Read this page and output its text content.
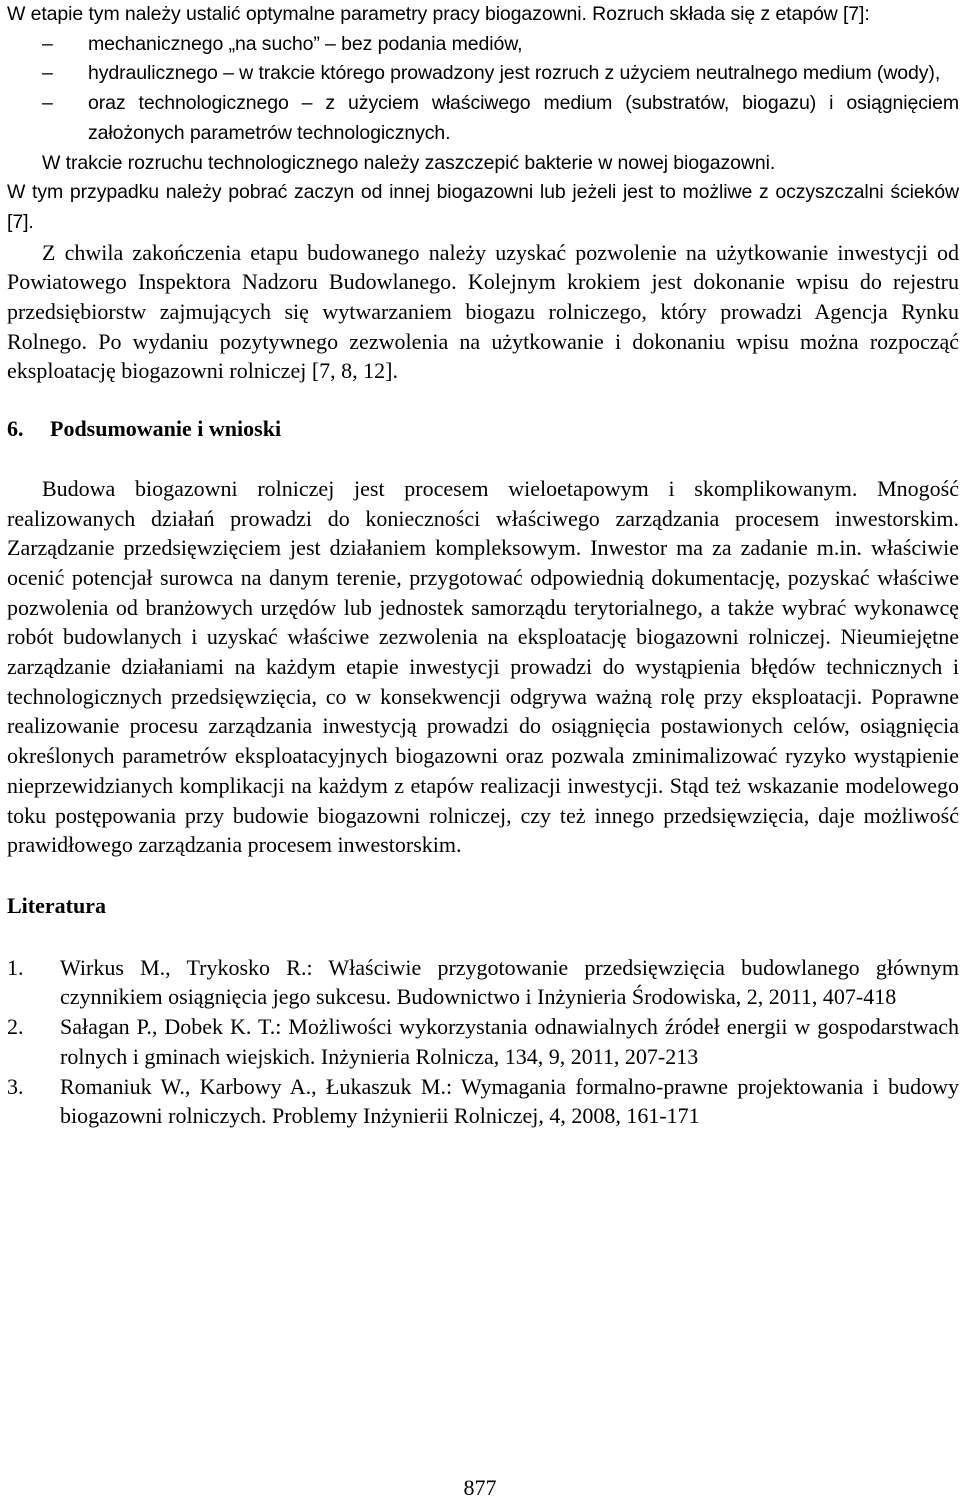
W etapie tym należy ustalić optymalne parametry pracy biogazowni. Rozruch składa się z etapów [7]:

– mechanicznego „na sucho” – bez podania mediów,
– hydraulicznego – w trakcie którego prowadzony jest rozruch z użyciem neutralnego medium (wody),
– oraz technologicznego – z użyciem właściwego medium (substratów, biogazu) i osiągnięciem założonych parametrów technologicznych.

W trakcie rozruchu technologicznego należy zaszczepić bakterie w nowej biogazowni.

W tym przypadku należy pobrać zaczyn od innej biogazowni lub jeżeli jest to możliwe z oczyszczalni ścieków [7].

Z chwila zakończenia etapu budowanego należy uzyskać pozwolenie na użytkowanie inwestycji od Powiatowego Inspektora Nadzoru Budowlanego. Kolejnym krokiem jest dokonanie wpisu do rejestru przedsiębiorstw zajmujących się wytwarzaniem biogazu rolniczego, który prowadzi Agencja Rynku Rolnego. Po wydaniu pozytywnego zezwolenia na użytkowanie i dokonaniu wpisu można rozpocząć eksploatację biogazowni rolniczej [7, 8, 12].

6. Podsumowanie i wnioski

Budowa biogazowni rolniczej jest procesem wieloetapowym i skomplikowanym. Mnogość realizowanych działań prowadzi do konieczności właściwego zarządzania procesem inwestorskim. Zarządzanie przedsięwzięciem jest działaniem kompleksowym. Inwestor ma za zadanie m.in. właściwie ocenić potencjał surowca na danym terenie, przygotować odpowiednią dokumentację, pozyskać właściwe pozwolenia od branżowych urzędów lub jednostek samorządu terytorialnego, a także wybrać wykonawcę robót budowlanych i uzyskać właściwe zezwolenia na eksploatację biogazowni rolniczej. Nieumiejętne zarządzanie działaniami na każdym etapie inwestycji prowadzi do wystąpienia błędów technicznych i technologicznych przedsięwzięcia, co w konsekwencji odgrywa ważną rolę przy eksploatacji. Poprawne realizowanie procesu zarządzania inwestycją prowadzi do osiągnięcia postawionych celów, osiągnięcia określonych parametrów eksploatacyjnych biogazowni oraz pozwala zminimalizować ryzyko wystąpienie nieprzewidzianych komplikacji na każdym z etapów realizacji inwestycji. Stąd też wskazanie modelowego toku postępowania przy budowie biogazowni rolniczej, czy też innego przedsięwzięcia, daje możliwość prawidłowego zarządzania procesem inwestorskim.

Literatura
1. Wirkus M., Trykosko R.: Właściwie przygotowanie przedsięwzięcia budowlanego głównym czynnikiem osiągnięcia jego sukcesu. Budownictwo i Inżynieria Środowiska, 2, 2011, 407-418
2. Sałagan P., Dobek K. T.: Możliwości wykorzystania odnawialnych źródeł energii w gospodarstwach rolnych i gminach wiejskich. Inżynieria Rolnicza, 134, 9, 2011, 207-213
3. Romaniuk W., Karbowy A., Łukaszuk M.: Wymagania formalno-prawne projektowania i budowy biogazowni rolniczych. Problemy Inżynierii Rolniczej, 4, 2008, 161-171
877
